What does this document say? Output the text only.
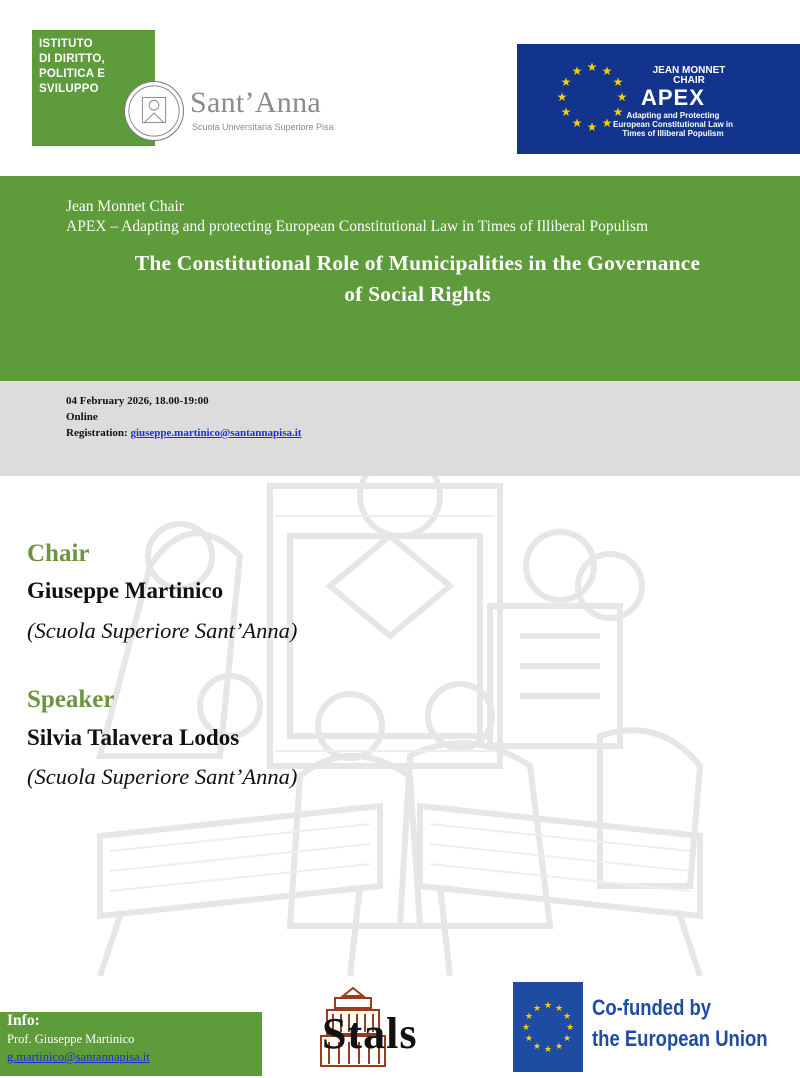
ISTITUTO
DI DIRITTO,
POLITICA E
SVILUPPO	Sant’Anna
Scuola Universitaria Superiore Pisa
★
★
★
★
★
★
★
★
★ ★ ★
★
JEAN MONNET
CHAIR
APEX
Adapting and Protecting
European Constitutional Law in
Times of Illiberal Populism
Jean Monnet Chair
APEX – Adapting and protecting European Constitutional Law in Times of Illiberal Populism
The Constitutional Role of Municipalities in the Governance
of Social Rights
04 February 2026, 18.00-19:00
Online
Registration: giuseppe.martinico@santannapisa.it
Chair
Giuseppe Martinico
(Scuola Superiore Sant’Anna)
Speaker
Silvia Talavera Lodos
(Scuola Superiore Sant’Anna)
Info:
Prof. Giuseppe Martinico
g.martinico@santannapisa.it	Stals	★
★
★
★
★
★
★
★
★ ★ ★
★ Co-funded by
the European Union
